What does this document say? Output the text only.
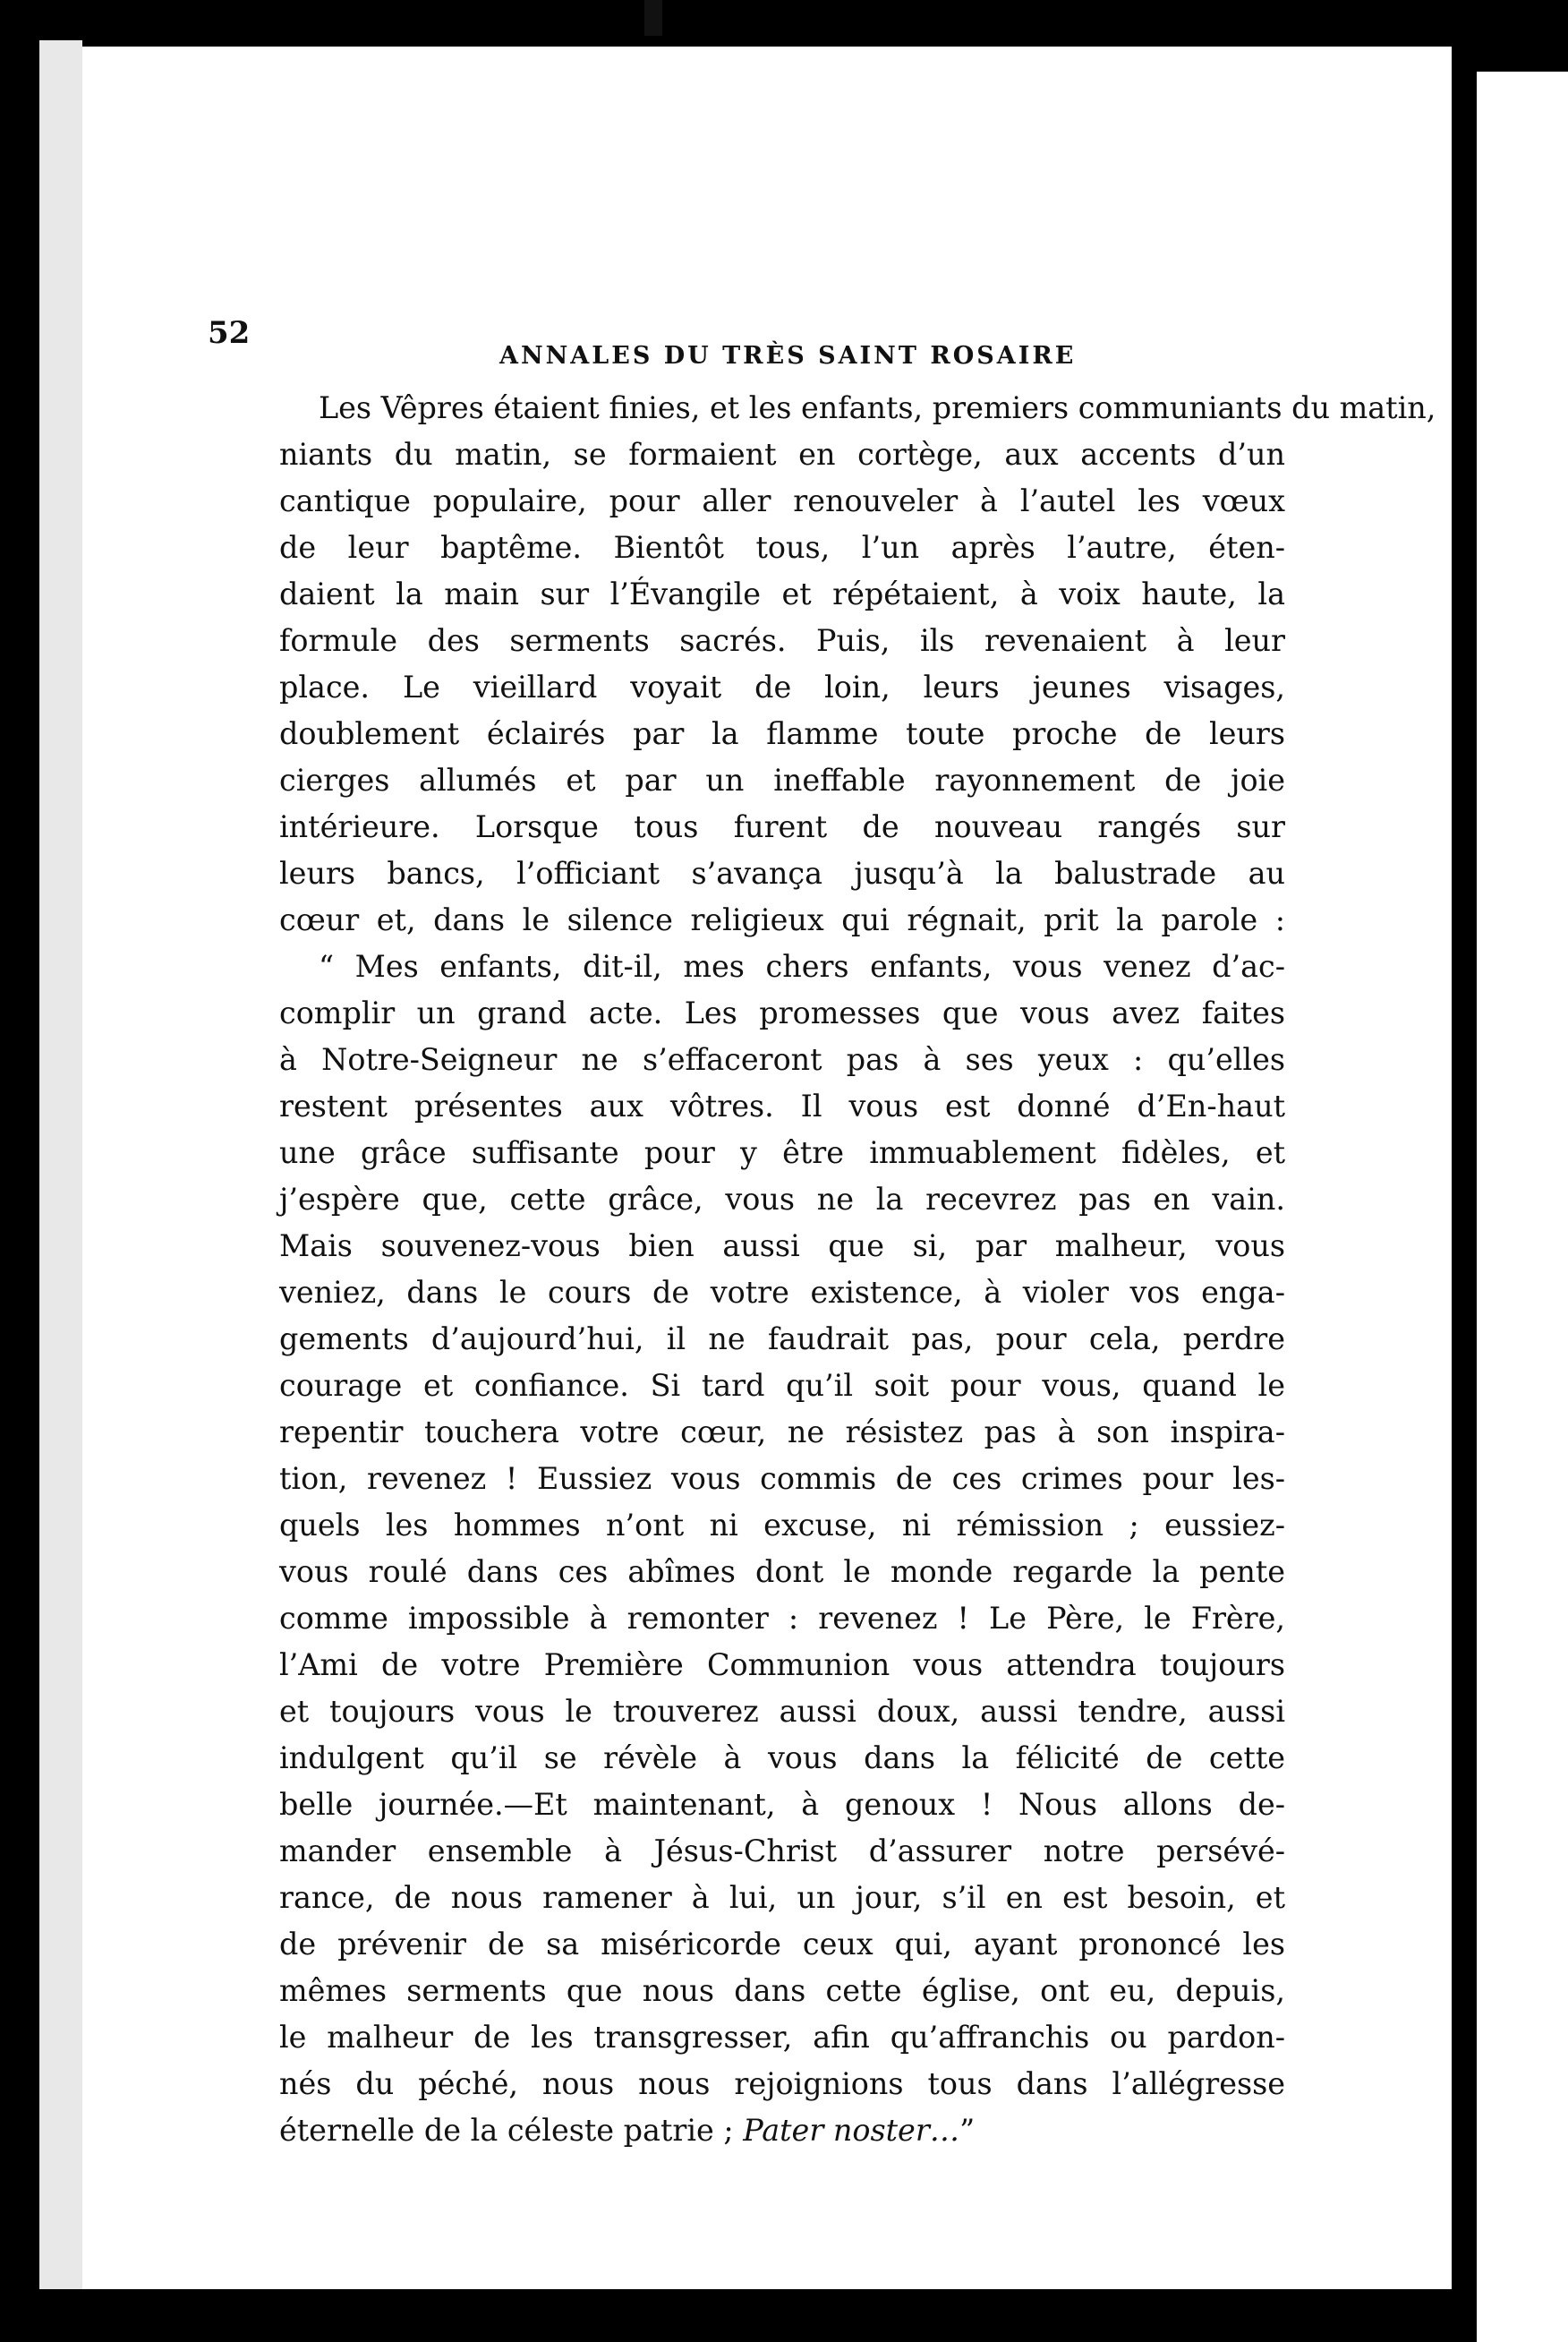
52
ANNALES DU TRÈS SAINT ROSAIRE
Les Vêpres étaient finies, et les enfants, premiers communiants du matin,
niants du matin, se formaient en cortège, aux accents d’un
cantique populaire, pour aller renouveler à l’autel les vœux
de leur baptême. Bientôt tous, l’un après l’autre, éten-
daient la main sur l’Évangile et répétaient, à voix haute, la
formule des serments sacrés. Puis, ils revenaient à leur
place. Le vieillard voyait de loin, leurs jeunes visages,
doublement éclairés par la flamme toute proche de leurs
cierges allumés et par un ineffable rayonnement de joie
intérieure. Lorsque tous furent de nouveau rangés sur
leurs bancs, l’officiant s’avança jusqu’à la balustrade au
cœur et, dans le silence religieux qui régnait, prit la parole :
“ Mes enfants, dit-il, mes chers enfants, vous venez d’ac-
complir un grand acte. Les promesses que vous avez faites
à Notre-Seigneur ne s’effaceront pas à ses yeux : qu’elles
restent présentes aux vôtres. Il vous est donné d’En-haut
une grâce suffisante pour y être immuablement fidèles, et
j’espère que, cette grâce, vous ne la recevrez pas en vain.
Mais souvenez-vous bien aussi que si, par malheur, vous
veniez, dans le cours de votre existence, à violer vos enga-
gements d’aujourd’hui, il ne faudrait pas, pour cela, perdre
courage et confiance. Si tard qu’il soit pour vous, quand le
repentir touchera votre cœur, ne résistez pas à son inspira-
tion, revenez ! Eussiez vous commis de ces crimes pour les-
quels les hommes n’ont ni excuse, ni rémission ; eussiez-
vous roulé dans ces abîmes dont le monde regarde la pente
comme impossible à remonter : revenez ! Le Père, le Frère,
l’Ami de votre Première Communion vous attendra toujours
et toujours vous le trouverez aussi doux, aussi tendre, aussi
indulgent qu’il se révèle à vous dans la félicité de cette
belle journée.—Et maintenant, à genoux ! Nous allons de-
mander ensemble à Jésus-Christ d’assurer notre persévé-
rance, de nous ramener à lui, un jour, s’il en est besoin, et
de prévenir de sa miséricorde ceux qui, ayant prononcé les
mêmes serments que nous dans cette église, ont eu, depuis,
le malheur de les transgresser, afin qu’affranchis ou pardon-
nés du péché, nous nous rejoignions tous dans l’allégresse
éternelle de la céleste patrie ; Pater noster…”
